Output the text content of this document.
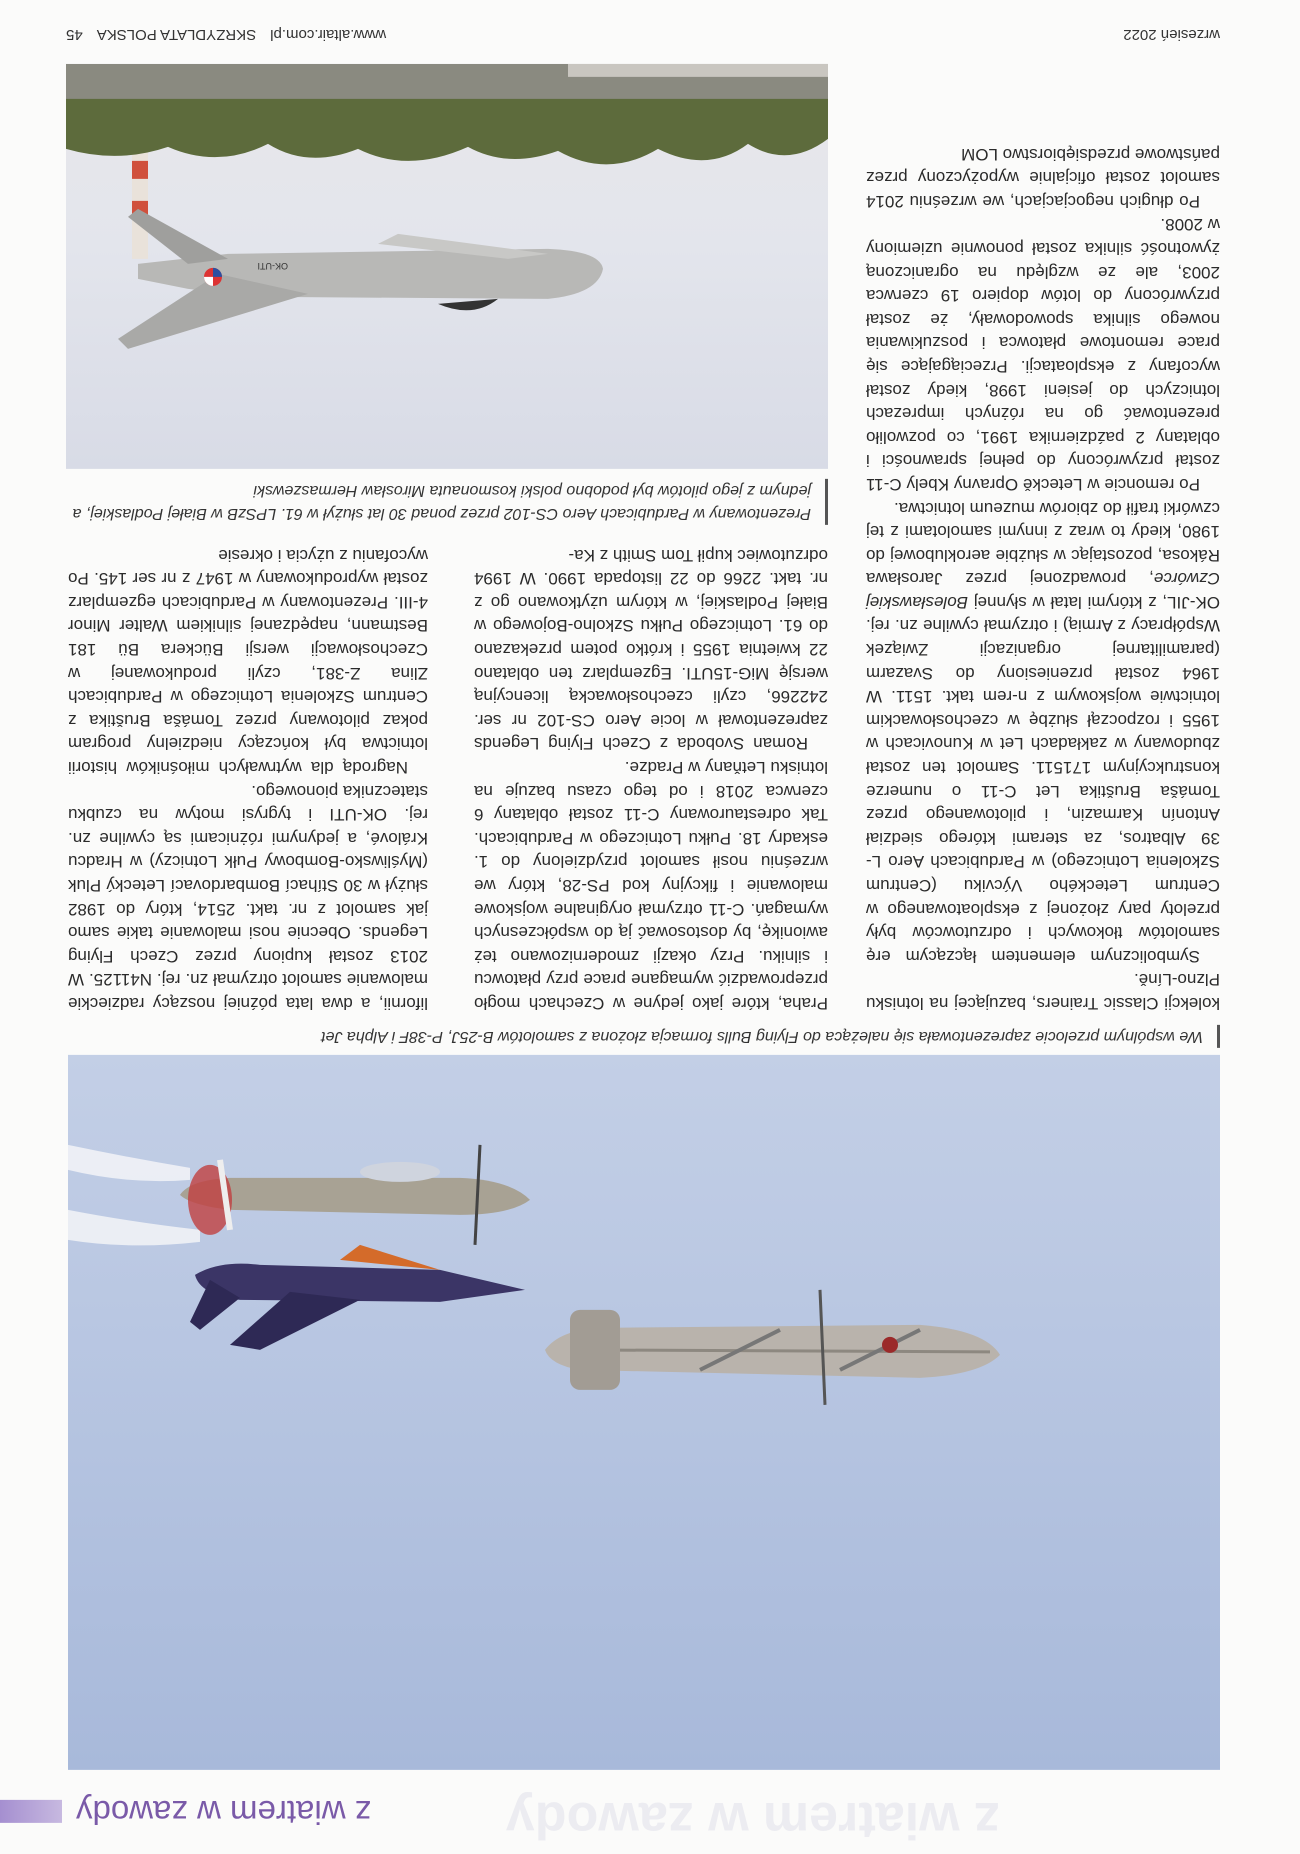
z wiatrem w zawody
z wiatrem w zawody
We wspólnym przelocie zaprezentowała się należąca do Flying Bulls formacja złożona z samolotów B-25J, P-38F i Alpha Jet

kolekcji Classic Trainers, bazującej na lotnisku Plzno-Líně.

Symbolicznym elementem łączącym erę samolotów tłokowych i odrzutowców były przeloty pary złożonej z eksploatowanego w Centrum Leteckého Výcviku (Centrum Szkolenia Lotniczego) w Pardubicach Aero L-39 Albatros, za sterami którego siedział Antonín Karmazin, i pilotowanego przez Tomáša Bruštika Let C-11 o numerze konstrukcyjnym 171511. Samolot ten został zbudowany w zakładach Let w Kunovicach w 1955 i rozpoczął służbę w czechosłowackim lotnictwie wojskowym z n-rem takt. 1511. W 1964 został przeniesiony do Svazarm (paramilitarnej organizacji Związek Współpracy z Armią) i otrzymał cywilne zn. rej. OK-JIL, z którymi latał w słynnej Bolesławskiej Czwórce, prowadzonej przez Jarosława Rákosa, pozostając w służbie aeroklubowej do 1980, kiedy to wraz z innymi samolotami z tej czwórki trafił do zbiorów muzeum lotnictwa.

Po remoncie w Leteckě Opravny Kbely C-11 został przywrócony do pełnej sprawności i oblatany 2 października 1991, co pozwoliło prezentować go na różnych imprezach lotniczych do jesieni 1998, kiedy został wycofany z eksploatacji. Przeciągające się prace remontowe płatowca i poszukiwania nowego silnika spowodowały, że został przywrócony do lotów dopiero 19 czerwca 2003, ale ze względu na ograniczoną żywotność silnika został ponownie uziemiony w 2008.

Po długich negocjacjach, we wrześniu 2014 samolot został oficjalnie wypożyczony przez państwowe przedsiębiorstwo LOM

Praha, które jako jedyne w Czechach mogło przeprowadzić wymagane prace przy płatowcu i silniku. Przy okazji zmodernizowano też awionikę, by dostosować ją do współczesnych wymagań. C-11 otrzymał oryginalne wojskowe malowanie i fikcyjny kod PS-28, który we wrześniu nosił samolot przydzielony do 1. eskadry 18. Pułku Lotniczego w Pardubicach. Tak odrestaurowany C-11 został oblatany 6 czerwca 2018 i od tego czasu bazuje na lotnisku Letňany w Pradze.

Roman Svoboda z Czech Flying Legends zaprezentował w locie Aero CS-102 nr ser. 242266, czyli czechosłowacką licencyjną wersję MiG-15UTI. Egzemplarz ten oblatano 22 kwietnia 1955 i krótko potem przekazano do 61. Lotniczego Pułku Szkolno-Bojowego w Białej Podlaskiej, w którym użytkowano go z nr. takt. 2266 do 22 listopada 1990. W 1994 odrzutowiec kupił Tom Smith z Ka-

lifornii, a dwa lata później noszący radzieckie malowanie samolot otrzymał zn. rej. N41125. W 2013 został kupiony przez Czech Flying Legends. Obecnie nosi malowanie takie samo jak samolot z nr. takt. 2514, który do 1982 służył w 30 Stíhací Bombardovací Letecký Pluk (Myśliwsko-Bombowy Pułk Lotniczy) w Hradcu Králové, a jedynymi różnicami są cywilne zn. rej. OK-UTI i tygrysi motyw na czubku statecznika pionowego.

Nagrodą dla wytrwałych miłośników historii lotnictwa był kończący niedzielny program pokaz pilotowany przez Tomáša Bruštika z Centrum Szkolenia Lotniczego w Pardubicach Zlina Z-381, czyli produkowanej w Czechosłowacji wersji Bückera Bü 181 Bestmann, napędzanej silnikiem Walter Minor 4-III. Prezentowany w Pardubicach egzemplarz został wyprodukowany w 1947 z nr ser 145. Po wycofaniu z użycia i okresie

Prezentowany w Pardubicach Aero CS-102 przez ponad 30 lat służył w 61. LPSzB w Białej Podlaskiej, a jednym z jego pilotów był podobno polski kosmonauta Mirosław Hermaszewski
OK-UTI
wrzesień 2022
www.altair.com.pl
SKRZYDLATA POLSKA
45
